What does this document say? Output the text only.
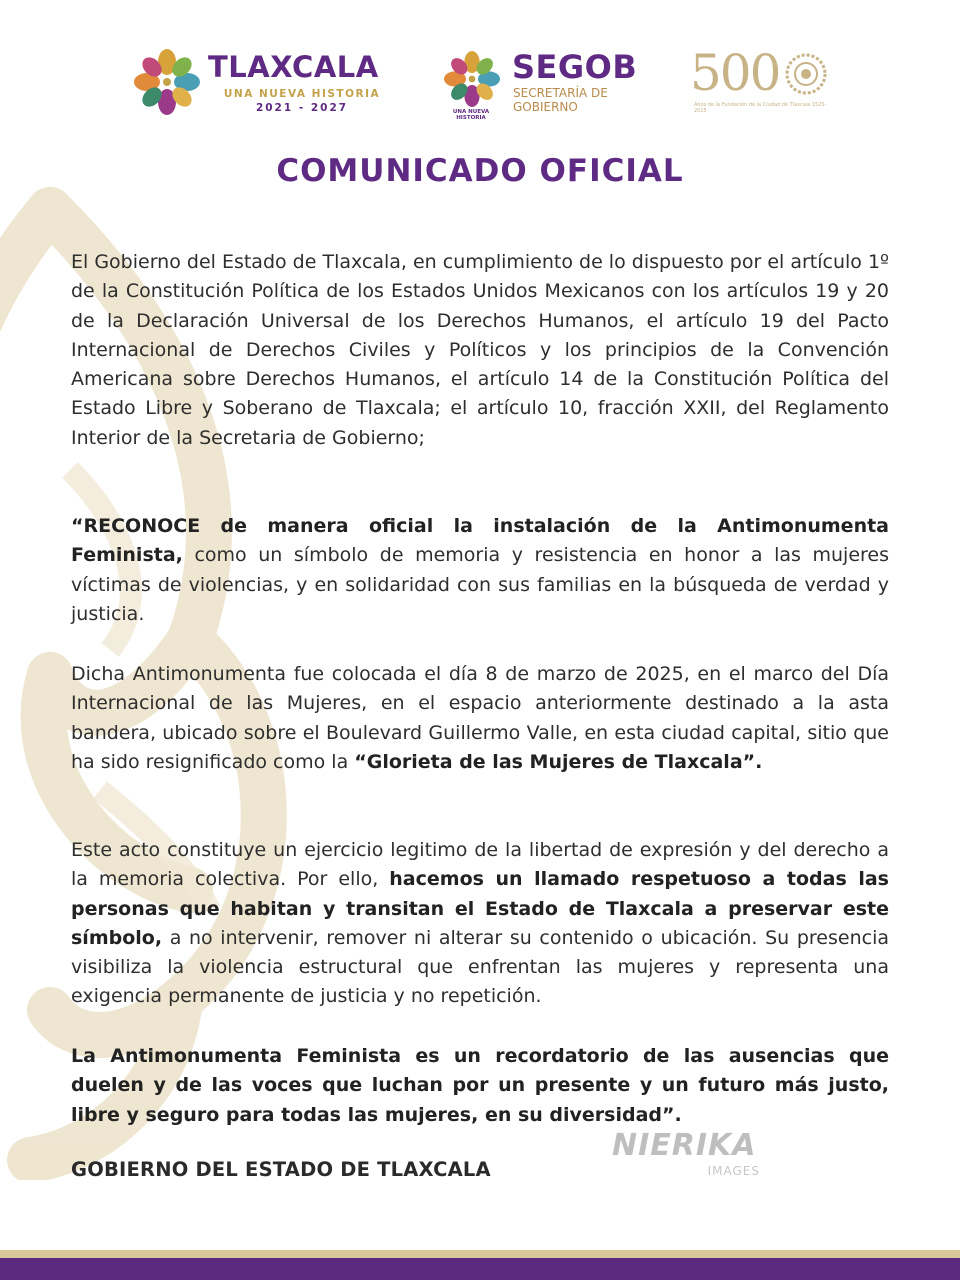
TLAXCALA
UNA NUEVA HISTORIA
2021 - 2027	UNA NUEVA HISTORIA
SEGOB
SECRETARÍA DE
GOBIERNO
500
Años de la Fundación de la Ciudad de Tlaxcala 1525-2025
COMUNICADO OFICIAL

El Gobierno del Estado de Tlaxcala, en cumplimiento de lo dispuesto por el artículo 1º de la Constitución Política de los Estados Unidos Mexicanos con los artículos 19 y 20 de la Declaración Universal de los Derechos Humanos, el artículo 19 del Pacto Internacional de Derechos Civiles y Políticos y los principios de la Convención Americana sobre Derechos Humanos, el artículo 14 de la Constitución Política del Estado Libre y Soberano de Tlaxcala; el artículo 10, fracción XXII, del Reglamento Interior de la Secretaria de Gobierno;

“RECONOCE de manera oficial la instalación de la Antimonumenta Feminista, como un símbolo de memoria y resistencia en honor a las mujeres víctimas de violencias, y en solidaridad con sus familias en la búsqueda de verdad y justicia.

Dicha Antimonumenta fue colocada el día 8 de marzo de 2025, en el marco del Día Internacional de las Mujeres, en el espacio anteriormente destinado a la asta bandera, ubicado sobre el Boulevard Guillermo Valle, en esta ciudad capital, sitio que ha sido resignificado como la “Glorieta de las Mujeres de Tlaxcala”.

Este acto constituye un ejercicio legitimo de la libertad de expresión y del derecho a la memoria colectiva. Por ello, hacemos un llamado respetuoso a todas las personas que habitan y transitan el Estado de Tlaxcala a preservar este símbolo, a no intervenir, remover ni alterar su contenido o ubicación. Su presencia visibiliza la violencia estructural que enfrentan las mujeres y representa una exigencia permanente de justicia y no repetición.

La Antimonumenta Feminista es un recordatorio de las ausencias que duelen y de las voces que luchan por un presente y un futuro más justo, libre y seguro para todas las mujeres, en su diversidad”.

GOBIERNO DEL ESTADO DE TLAXCALA
NIERIKA
IMAGES
